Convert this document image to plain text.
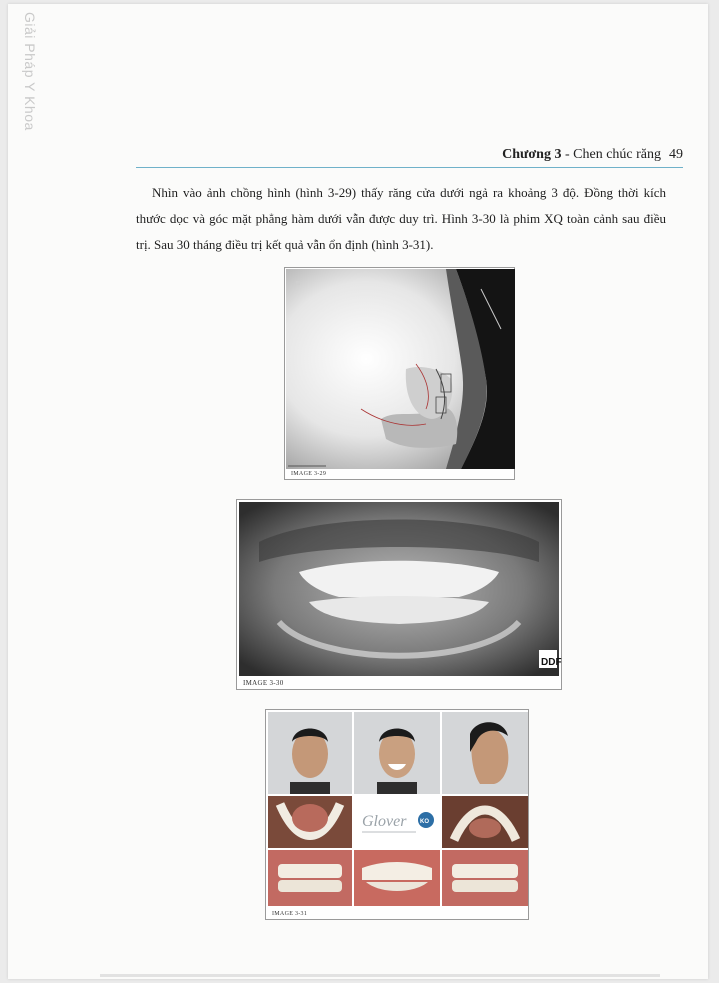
Giải Pháp Y Khoa
Chương 3 - Chen chúc răng 49

Nhìn vào ảnh chồng hình (hình 3-29) thấy răng cửa dưới ngả ra khoảng 3 độ. Đồng thời kích thước dọc và góc mặt phẳng hàm dưới vẫn được duy trì. Hình 3-30 là phim XQ toàn cảnh sau điều trị. Sau 30 tháng điều trị kết quả vẫn ổn định (hình 3-31).

IMAGE 3-29
DDF
IMAGE 3-30
Glover KO
IMAGE 3-31
